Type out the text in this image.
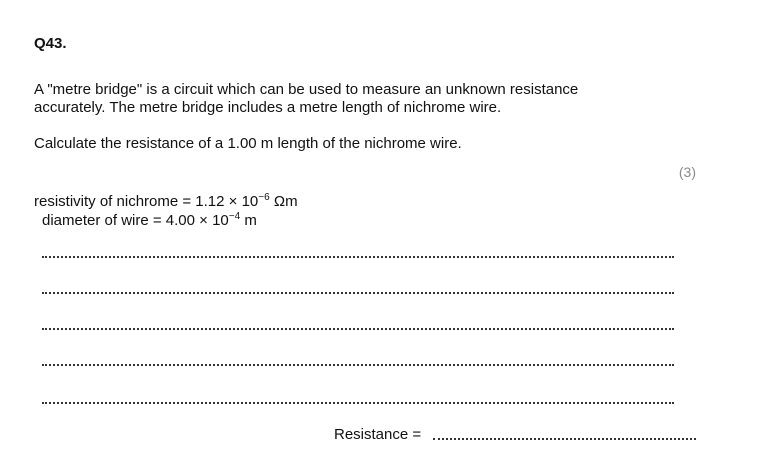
Q43.
A "metre bridge" is a circuit which can be used to measure an unknown resistance
accurately. The metre bridge includes a metre length of nichrome wire.
Calculate the resistance of a 1.00 m length of the nichrome wire.
(3)
resistivity of nichrome = $1.12 \times 10^{-6}$ Ωm
diameter of wire = $4.00 \times 10^{-4}$ m
Resistance =
